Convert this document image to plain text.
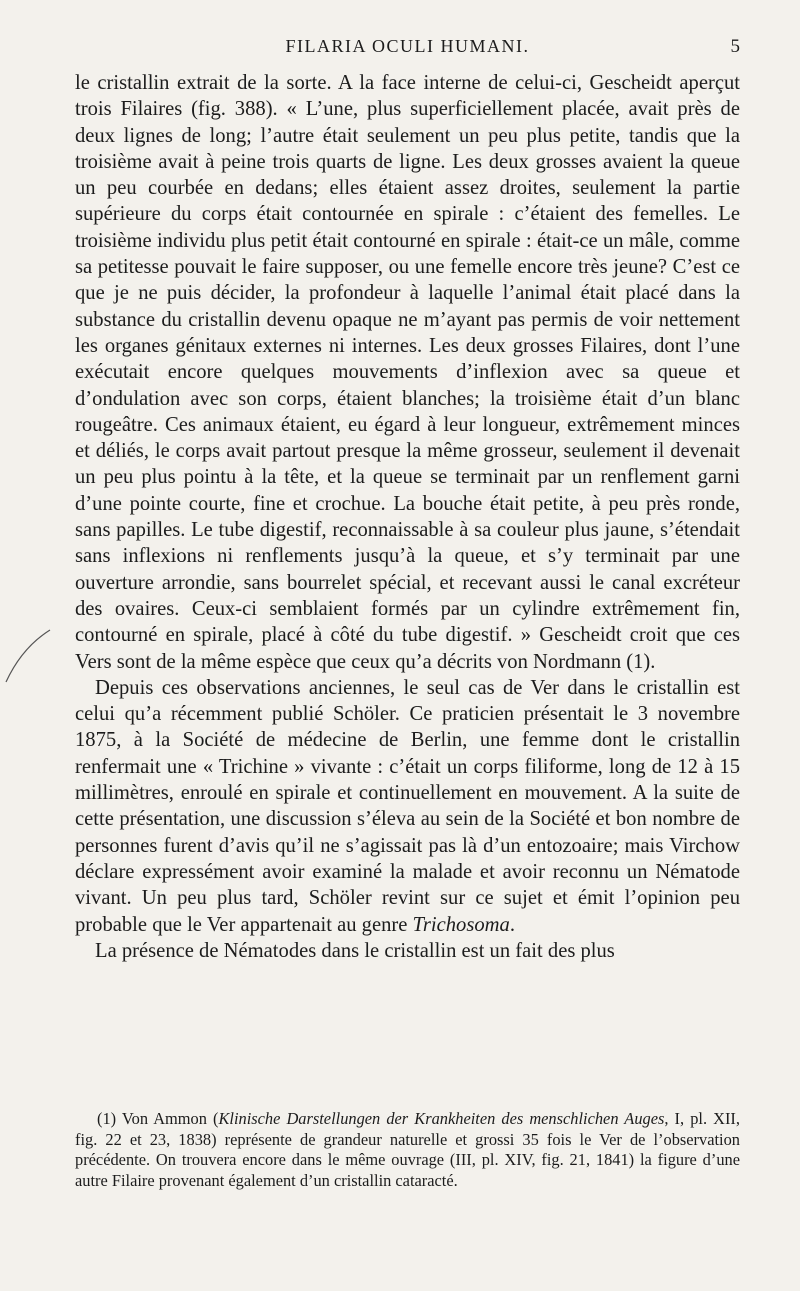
FILARIA OCULI HUMANI.	5

le cristallin extrait de la sorte. A la face interne de celui-ci, Gescheidt aperçut trois Filaires (fig. 388). « L’une, plus superficiellement placée, avait près de deux lignes de long; l’autre était seulement un peu plus petite, tandis que la troisième avait à peine trois quarts de ligne. Les deux grosses avaient la queue un peu courbée en dedans; elles étaient assez droites, seulement la partie supérieure du corps était contournée en spirale : c’étaient des femelles. Le troisième individu plus petit était contourné en spirale : était-ce un mâle, comme sa petitesse pouvait le faire supposer, ou une femelle encore très jeune? C’est ce que je ne puis décider, la profondeur à laquelle l’animal était placé dans la substance du cristallin devenu opaque ne m’ayant pas permis de voir nettement les organes génitaux externes ni internes. Les deux grosses Filaires, dont l’une exécutait encore quelques mouvements d’inflexion avec sa queue et d’ondulation avec son corps, étaient blanches; la troisième était d’un blanc rougeâtre. Ces animaux étaient, eu égard à leur longueur, extrêmement minces et déliés, le corps avait partout presque la même grosseur, seulement il devenait un peu plus pointu à la tête, et la queue se terminait par un renflement garni d’une pointe courte, fine et crochue. La bouche était petite, à peu près ronde, sans papilles. Le tube digestif, reconnaissable à sa couleur plus jaune, s’étendait sans inflexions ni renflements jusqu’à la queue, et s’y terminait par une ouverture arrondie, sans bourrelet spécial, et recevant aussi le canal excréteur des ovaires. Ceux-ci semblaient formés par un cylindre extrêmement fin, contourné en spirale, placé à côté du tube digestif. » Gescheidt croit que ces Vers sont de la même espèce que ceux qu’a décrits von Nordmann (1).

Depuis ces observations anciennes, le seul cas de Ver dans le cristallin est celui qu’a récemment publié Schöler. Ce praticien présentait le 3 novembre 1875, à la Société de médecine de Berlin, une femme dont le cristallin renfermait une « Trichine » vivante : c’était un corps filiforme, long de 12 à 15 millimètres, enroulé en spirale et continuellement en mouvement. A la suite de cette présentation, une discussion s’éleva au sein de la Société et bon nombre de personnes furent d’avis qu’il ne s’agissait pas là d’un entozoaire; mais Virchow déclare expressément avoir examiné la malade et avoir reconnu un Nématode vivant. Un peu plus tard, Schöler revint sur ce sujet et émit l’opinion peu probable que le Ver appartenait au genre Trichosoma.

La présence de Nématodes dans le cristallin est un fait des plus

(1) Von Ammon (Klinische Darstellungen der Krankheiten des menschlichen Auges, I, pl. XII, fig. 22 et 23, 1838) représente de grandeur naturelle et grossi 35 fois le Ver de l’observation précédente. On trouvera encore dans le même ouvrage (III, pl. XIV, fig. 21, 1841) la figure d’une autre Filaire provenant également d’un cristallin cataracté.
